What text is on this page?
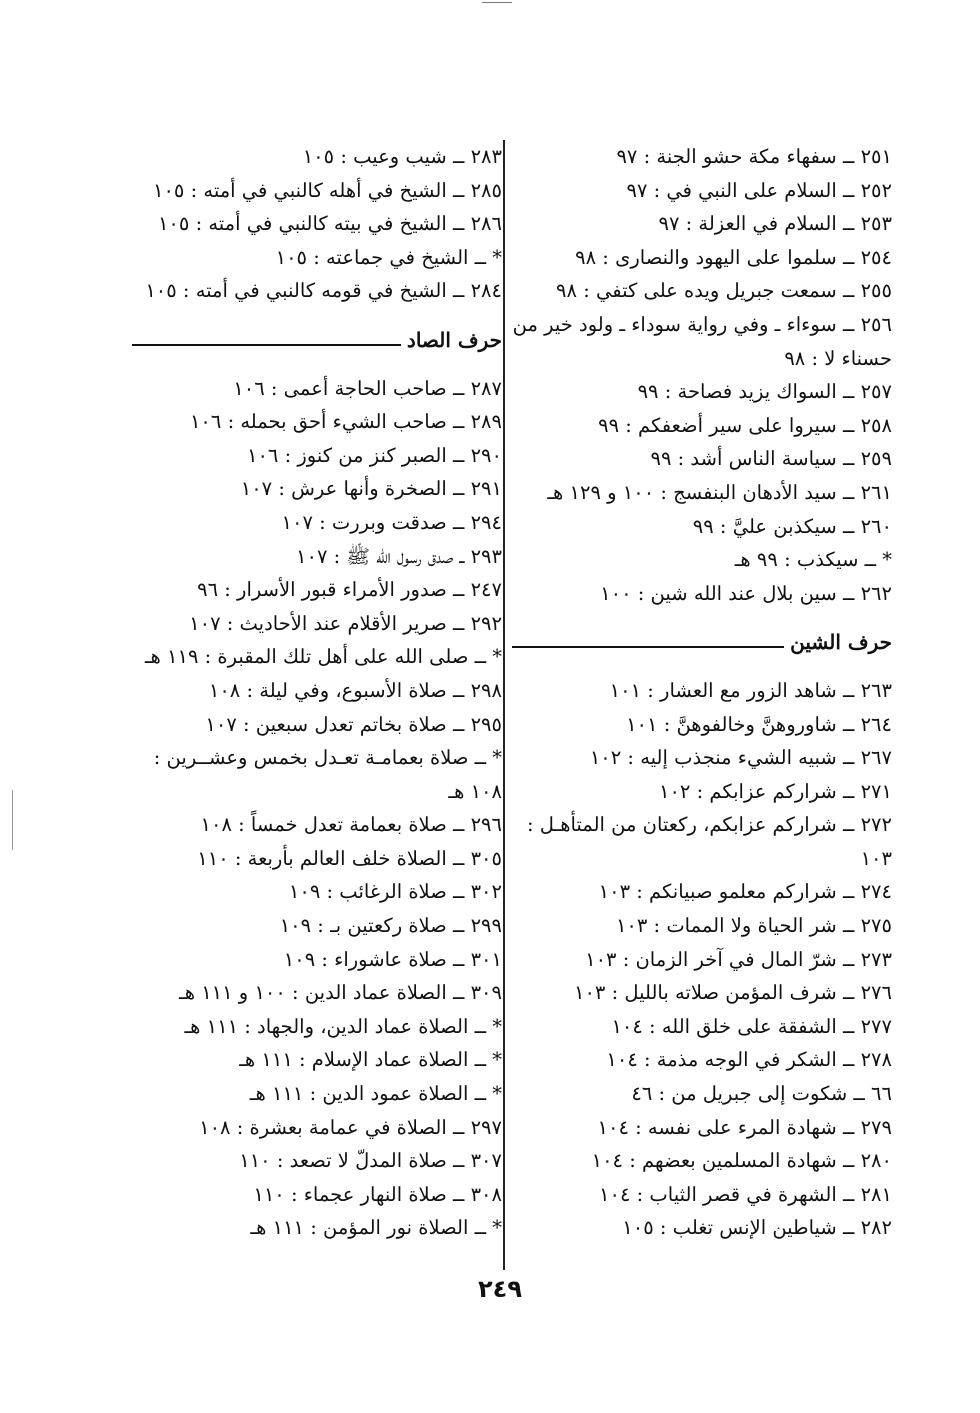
٢٥١ ــ سفهاء مكة حشو الجنة : ٩٧
٢٥٢ ــ السلام على النبي في : ٩٧
٢٥٣ ــ السلام في العزلة : ٩٧
٢٥٤ ــ سلموا على اليهود والنصارى : ٩٨
٢٥٥ ــ سمعت جبريل ويده على كتفي : ٩٨
٢٥٦ ــ سوءاء ـ وفي رواية سوداء ـ ولود خير من حسناء لا : ٩٨
٢٥٧ ــ السواك يزيد فصاحة : ٩٩
٢٥٨ ــ سيروا على سير أضعفكم : ٩٩
٢٥٩ ــ سياسة الناس أشد : ٩٩
٢٦١ ــ سيد الأدهان البنفسج : ١٠٠ و ١٢٩ هـ
٢٦٠ ــ سيكذبن عليَّ : ٩٩
* ــ سيكذب : ٩٩ هـ
٢٦٢ ــ سين بلال عند الله شين : ١٠٠
حرف الشين
٢٦٣ ــ شاهد الزور مع العشار : ١٠١
٢٦٤ ــ شاوروهنَّ وخالفوهنَّ : ١٠١
٢٦٧ ــ شبيه الشيء منجذب إليه : ١٠٢
٢٧١ ــ شراركم عزابكم : ١٠٢
٢٧٢ ــ شراركم عزابكم، ركعتان من المتأهـل : ١٠٣
٢٧٤ ــ شراركم معلمو صبيانكم : ١٠٣
٢٧٥ ــ شر الحياة ولا الممات : ١٠٣
٢٧٣ ــ شرّ المال في آخر الزمان : ١٠٣
٢٧٦ ــ شرف المؤمن صلاته بالليل : ١٠٣
٢٧٧ ــ الشفقة على خلق الله : ١٠٤
٢٧٨ ــ الشكر في الوجه مذمة : ١٠٤
٦٦ ــ شكوت إلى جبريل من : ٤٦
٢٧٩ ــ شهادة المرء على نفسه : ١٠٤
٢٨٠ ــ شهادة المسلمين بعضهم : ١٠٤
٢٨١ ــ الشهرة في قصر الثياب : ١٠٤
٢٨٢ ــ شياطين الإنس تغلب : ١٠٥
٢٨٣ ــ شيب وعيب : ١٠٥
٢٨٥ ــ الشيخ في أهله كالنبي في أمته : ١٠٥
٢٨٦ ــ الشيخ في بيته كالنبي في أمته : ١٠٥
* ــ الشيخ في جماعته : ١٠٥
٢٨٤ ــ الشيخ في قومه كالنبي في أمته : ١٠٥
حرف الصاد
٢٨٧ ــ صاحب الحاجة أعمى : ١٠٦
٢٨٩ ــ صاحب الشيء أحق بحمله : ١٠٦
٢٩٠ ــ الصبر كنز من كنوز : ١٠٦
٢٩١ ــ الصخرة وأنها عرش : ١٠٧
٢٩٤ ــ صدقت وبررت : ١٠٧
٢٩٣ ــ صدق رسول الله ﷺ : ١٠٧
٢٤٧ ــ صدور الأمراء قبور الأسرار : ٩٦
٢٩٢ ــ صرير الأقلام عند الأحاديث : ١٠٧
* ــ صلى الله على أهل تلك المقبرة : ١١٩ هـ
٢٩٨ ــ صلاة الأسبوع، وفي ليلة : ١٠٨
٢٩٥ ــ صلاة بخاتم تعدل سبعين : ١٠٧
* ــ صلاة بعمامـة تعـدل بخمس وعشــرين : ١٠٨ هـ
٢٩٦ ــ صلاة بعمامة تعدل خمساً : ١٠٨
٣٠٥ ــ الصلاة خلف العالم بأربعة : ١١٠
٣٠٢ ــ صلاة الرغائب : ١٠٩
٢٩٩ ــ صلاة ركعتين بـ : ١٠٩
٣٠١ ــ صلاة عاشوراء : ١٠٩
٣٠٩ ــ الصلاة عماد الدين : ١٠٠ و ١١١ هـ
* ــ الصلاة عماد الدين، والجهاد : ١١١ هـ
* ــ الصلاة عماد الإسلام : ١١١ هـ
* ــ الصلاة عمود الدين : ١١١ هـ
٢٩٧ ــ الصلاة في عمامة بعشرة : ١٠٨
٣٠٧ ــ صلاة المدلّ لا تصعد : ١١٠
٣٠٨ ــ صلاة النهار عجماء : ١١٠
* ــ الصلاة نور المؤمن : ١١١ هـ
٢٤٩
